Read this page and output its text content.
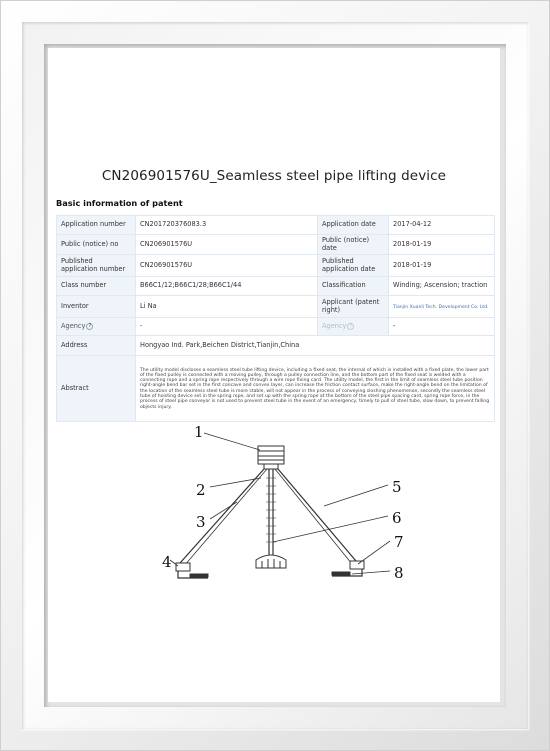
CN206901576U_Seamless steel pipe lifting device
Basic information of patent
Application number	CN201720376083.3	Application date	2017-04-12
Public (notice) no	CN206901576U	Public (notice) date	2018-01-19
Published application number	CN206901576U	Published application date	2018-01-19
Class number	B66C1/12;B66C1/28;B66C1/44	Classification	Winding; Ascension; traction
Inventor	Li Na	Applicant (patent right)	Tianjin Xuanli Tech. Development Co. Ltd.
Agency ?	-	Agency ?	-
Address	Hongyao Ind. Park,Beichen District,Tianjin,China		
Abstract	The utility model discloses a seamless steel tube lifting device, including a fixed seat, the internal of which is installed with a fixed plate, the lower part of the fixed pulley is connected with a moving pulley, through a pulley connection line, and the bottom part of the fixed seat is welded with a connecting rope and a spring rope respectively through a wire rope fixing card. The utility model, the first in the limit of seamless steel tube position right-angle bend bar set in the first concave and convex layer, can increase the friction contact surface, make the right-angle bend on the limitation of the location of the seamless steel tube is more stable, will not appear in the process of conveying sloshing phenomenon, secondly the seamless steel tube of hoisting device set in the spring rope, and set up with the spring rope at the bottom of the steel pipe spacing card, spring rope force, in the process of steel pipe conveyor is not used to prevent steel tube in the event of an emergency, timely to pull of steel tube, slow down, to prevent falling objects injury.		
1
2
3
4
5
6
7
8
